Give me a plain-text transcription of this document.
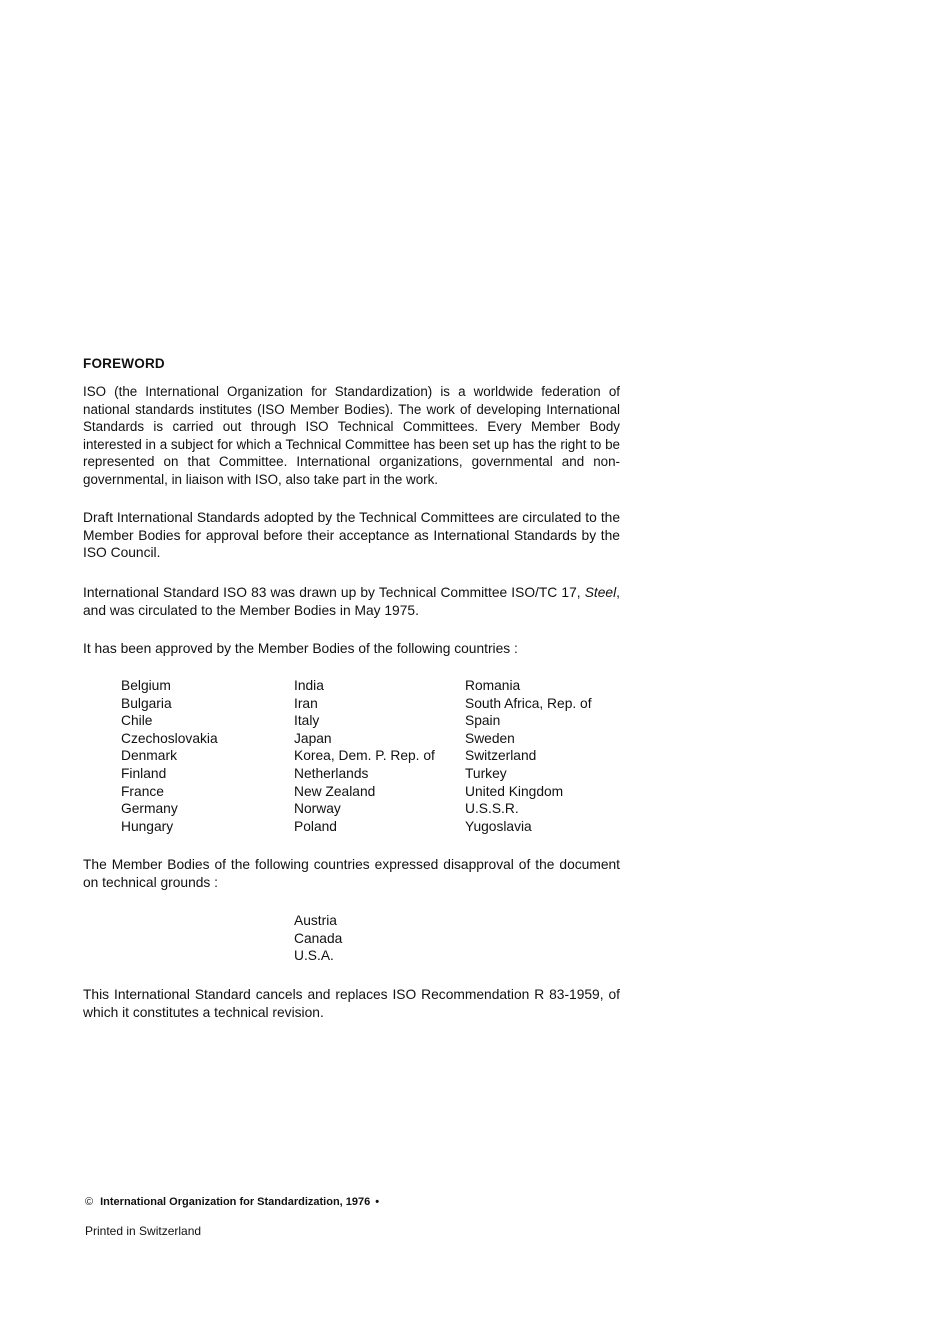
FOREWORD
ISO (the International Organization for Standardization) is a worldwide federation of national standards institutes (ISO Member Bodies). The work of developing International Standards is carried out through ISO Technical Committees. Every Member Body interested in a subject for which a Technical Committee has been set up has the right to be represented on that Committee. International organizations, governmental and non-governmental, in liaison with ISO, also take part in the work.
Draft International Standards adopted by the Technical Committees are circulated to the Member Bodies for approval before their acceptance as International Standards by the ISO Council.
International Standard ISO 83 was drawn up by Technical Committee ISO/TC 17, Steel, and was circulated to the Member Bodies in May 1975.
It has been approved by the Member Bodies of the following countries :
Belgium
Bulgaria
Chile
Czechoslovakia
Denmark
Finland
France
Germany
Hungary
India
Iran
Italy
Japan
Korea, Dem. P. Rep. of
Netherlands
New Zealand
Norway
Poland
Romania
South Africa, Rep. of
Spain
Sweden
Switzerland
Turkey
United Kingdom
U.S.S.R.
Yugoslavia
The Member Bodies of the following countries expressed disapproval of the document on technical grounds :
Austria
Canada
U.S.A.
This International Standard cancels and replaces ISO Recommendation R 83-1959, of which it constitutes a technical revision.
© International Organization for Standardization, 1976 •
Printed in Switzerland
